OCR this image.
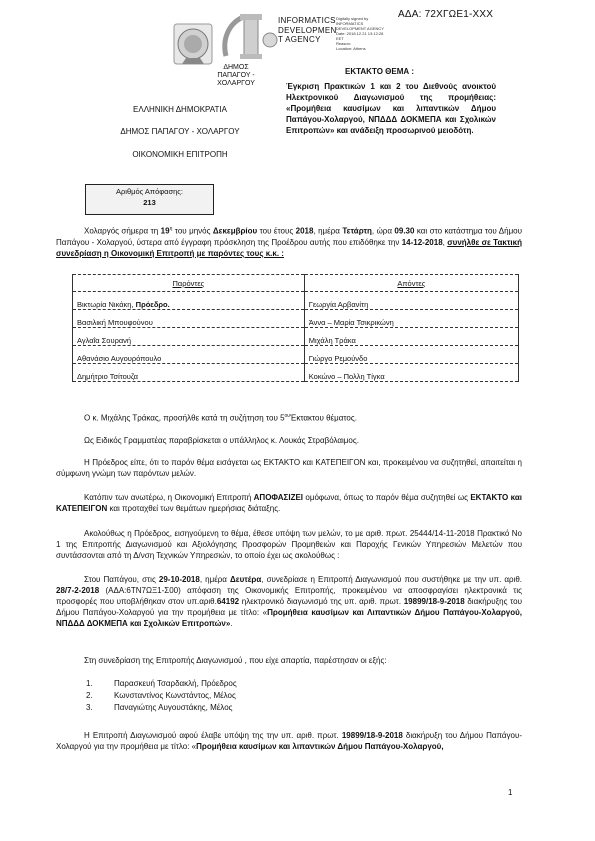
ΑΔΑ: 72ΧΓΩΕ1-ΧΧΧ
ΔΗΜΟΣ
ΠΑΠΑΓΟΥ - ΧΟΛΑΡΓΟΥ
INFORMATICS
DEVELOPMEN
T AGENCY
Digitally signed by
INFORMATICS
DEVELOPMENT AGENCY
Date: 2018.12.21 13:12:28
EET
Reason:
Location: Athens
ΕΛΛΗΝΙΚΗ ΔΗΜΟΚΡΑΤΙΑ
ΔΗΜΟΣ ΠΑΠΑΓΟΥ - ΧΟΛΑΡΓΟΥ
ΟΙΚΟΝΟΜΙΚΗ ΕΠΙΤΡΟΠΗ
ΕΚΤΑΚΤΟ ΘΕΜΑ :
Έγκριση Πρακτικών 1 και 2 του Διεθνούς ανοικτού Ηλεκτρονικού Διαγωνισμού της προμήθειας: «Προμήθεια καυσίμων και λιπαντικών Δήμου Παπάγου-Χολαργού, ΝΠΔΔΔ ΔΟΚΜΕΠΑ και Σχολικών Επιτροπών» και ανάδειξη προσωρινού μειοδότη.
Αριθμός Απόφασης:
213
Χολαργός σήμερα τη $19^\eta$ του μηνός Δεκεμβρίου του έτους 2018, ημέρα Τετάρτη, ώρα 09.30 και στο κατάστημα του Δήμου Παπάγου - Χολαργού, ύστερα από έγγραφη πρόσκληση της Προέδρου αυτής που επιδόθηκε την 14-12-2018, συνήλθε σε Τακτική συνεδρίαση η Οικονομική Επιτροπή με παρόντες τους κ.κ. :
Παρόντες	Απόντες
Βικτωρία Νικάκη, Πρόεδρο.	Γεωργία Αρβανίτη
Βασιλική Μπουφούνου	Άννα – Μαρία Τσικρικώνη
Αγλαΐα Σουρανή	Μιχάλη Τράκα
Αθανάσιο Αυγουρόπουλο	Γιώργο Ρεμούνδο
Δημήτριο Τσίτουζα	Κοκώνο – Πολλη Τίγκα
Ο κ. Μιχάλης Τράκας, προσήλθε κατά τη συζήτηση του $5^{o\upsilon}Έ\kappa\tau\alpha\kappa\tau o\upsilon$ θέματος.
Ως Ειδικός Γραμματέας παραβρίσκεται ο υπάλληλος κ. Λουκάς Στραβόλαιμος.
Η Πρόεδρος είπε, ότι το παρόν θέμα εισάγεται ως ΕΚΤΑΚΤΟ και ΚΑΤΕΠΕΙΓΟΝ και, προκειμένου να συζητηθεί, απαιτείται η σύμφωνη γνώμη των παρόντων μελών.
Κατόπιν των ανωτέρω, η Οικονομική Επιτροπή ΑΠΟΦΑΣΙΖΕΙ ομόφωνα, όπως το παρόν θέμα συζητηθεί ως ΕΚΤΑΚΤΟ και ΚΑΤΕΠΕΙΓΟΝ και προταχθεί των θεμάτων ημερήσιας διάταξης.
Ακολούθως η Πρόεδρος, εισηγούμενη το θέμα, έθεσε υπόψη των μελών, το με αριθ. πρωτ. 25444/14-11-2018 Πρακτικό Νο 1 της Επιτροπής Διαγωνισμού και Αξιολόγησης Προσφορών Προμηθειών και Παροχής Γενικών Υπηρεσιών Μελετών που συντάσσονται από τη Δ/νση Τεχνικών Υπηρεσιών, το οποίο έχει ως ακολούθως :
Στου Παπάγου, στις 29-10-2018, ημέρα Δευτέρα, συνεδρίασε η Επιτροπή Διαγωνισμού που συστήθηκε με την υπ. αριθ. 28/7-2-2018 (ΑΔΑ:6ΤΝ7ΩΞ1-Σ00) απόφαση της Οικονομικής Επιτροπής, προκειμένου να αποσφραγίσει ηλεκτρονικά τις προσφορές που υποβλήθηκαν στον υπ.αριθ.64192 ηλεκτρονικό διαγωνισμό της υπ. αριθ. πρωτ. 19899/18-9-2018 διακήρυξης του Δήμου Παπάγου-Χολαργού για την προμήθεια με τίτλο: «Προμήθεια καυσίμων και Λιπαντικών Δήμου Παπάγου-Χολαργού, ΝΠΔΔΔ ΔΟΚΜΕΠΑ και Σχολικών Επιτροπών».
Στη συνεδρίαση της Επιτροπής Διαγωνισμού , που είχε απαρτία, παρέστησαν οι εξής:
1.	Παρασκευή Τσαρδακλή, Πρόεδρος
2.	Κωνσταντίνος Κωνστάντος, Μέλος
3.	Παναγιώτης Αυγουστάκης, Μέλος
Η Επιτροπή Διαγωνισμού αφού έλαβε υπόψη της την υπ. αριθ. πρωτ. 19899/18-9-2018 διακήρυξη του Δήμου Παπάγου-Χολαργού για την προμήθεια με τίτλο: «Προμήθεια καυσίμων και λιπαντικών Δήμου Παπάγου-Χολαργού,
1
